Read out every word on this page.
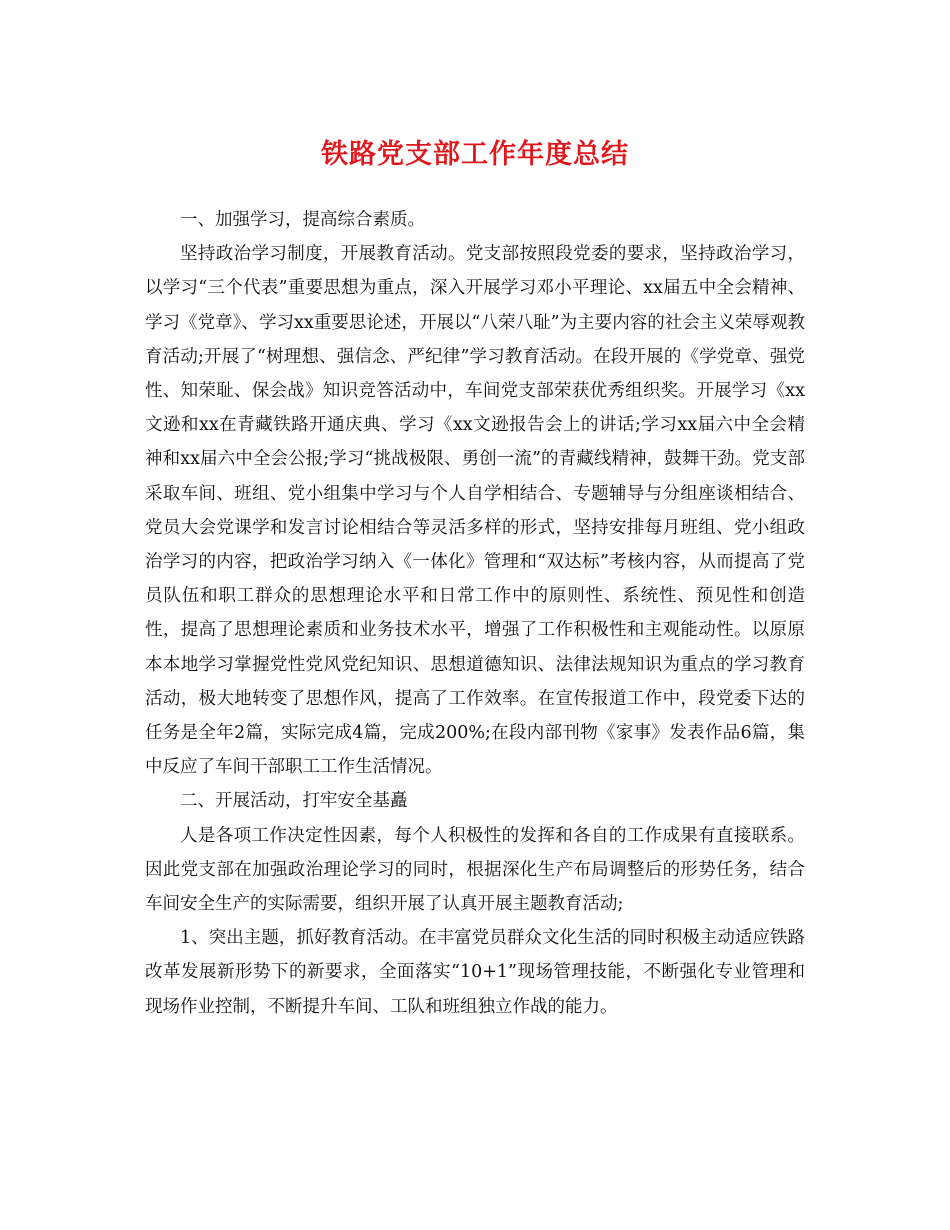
铁路党支部工作年度总结

一、加强学习，提高综合素质。

坚持政治学习制度，开展教育活动。党支部按照段党委的要求，坚持政治学习，以学习“三个代表”重要思想为重点，深入开展学习邓小平理论、xx届五中全会精神、学习《党章》、学习xx重要思论述，开展以“八荣八耻”为主要内容的社会主义荣辱观教育活动;开展了“树理想、强信念、严纪律”学习教育活动。在段开展的《学党章、强党性、知荣耻、保会战》知识竞答活动中，车间党支部荣获优秀组织奖。开展学习《xx文逊和xx在青藏铁路开通庆典、学习《xx文逊报告会上的讲话;学习xx届六中全会精神和xx届六中全会公报;学习“挑战极限、勇创一流”的青藏线精神，鼓舞干劲。党支部采取车间、班组、党小组集中学习与个人自学相结合、专题辅导与分组座谈相结合、党员大会党课学和发言讨论相结合等灵活多样的形式，坚持安排每月班组、党小组政治学习的内容，把政治学习纳入《一体化》管理和“双达标”考核内容，从而提高了党员队伍和职工群众的思想理论水平和日常工作中的原则性、系统性、预见性和创造性，提高了思想理论素质和业务技术水平，增强了工作积极性和主观能动性。以原原本本地学习掌握党性党风党纪知识、思想道德知识、法律法规知识为重点的学习教育活动，极大地转变了思想作风，提高了工作效率。在宣传报道工作中，段党委下达的任务是全年2篇，实际完成4篇，完成200%;在段内部刊物《家事》发表作品6篇，集中反应了车间干部职工工作生活情况。

二、开展活动，打牢安全基矗

人是各项工作决定性因素，每个人积极性的发挥和各自的工作成果有直接联系。因此党支部在加强政治理论学习的同时，根据深化生产布局调整后的形势任务，结合车间安全生产的实际需要，组织开展了认真开展主题教育活动;

1、突出主题，抓好教育活动。在丰富党员群众文化生活的同时积极主动适应铁路改革发展新形势下的新要求，全面落实“10+1”现场管理技能，不断强化专业管理和现场作业控制，不断提升车间、工队和班组独立作战的能力。
